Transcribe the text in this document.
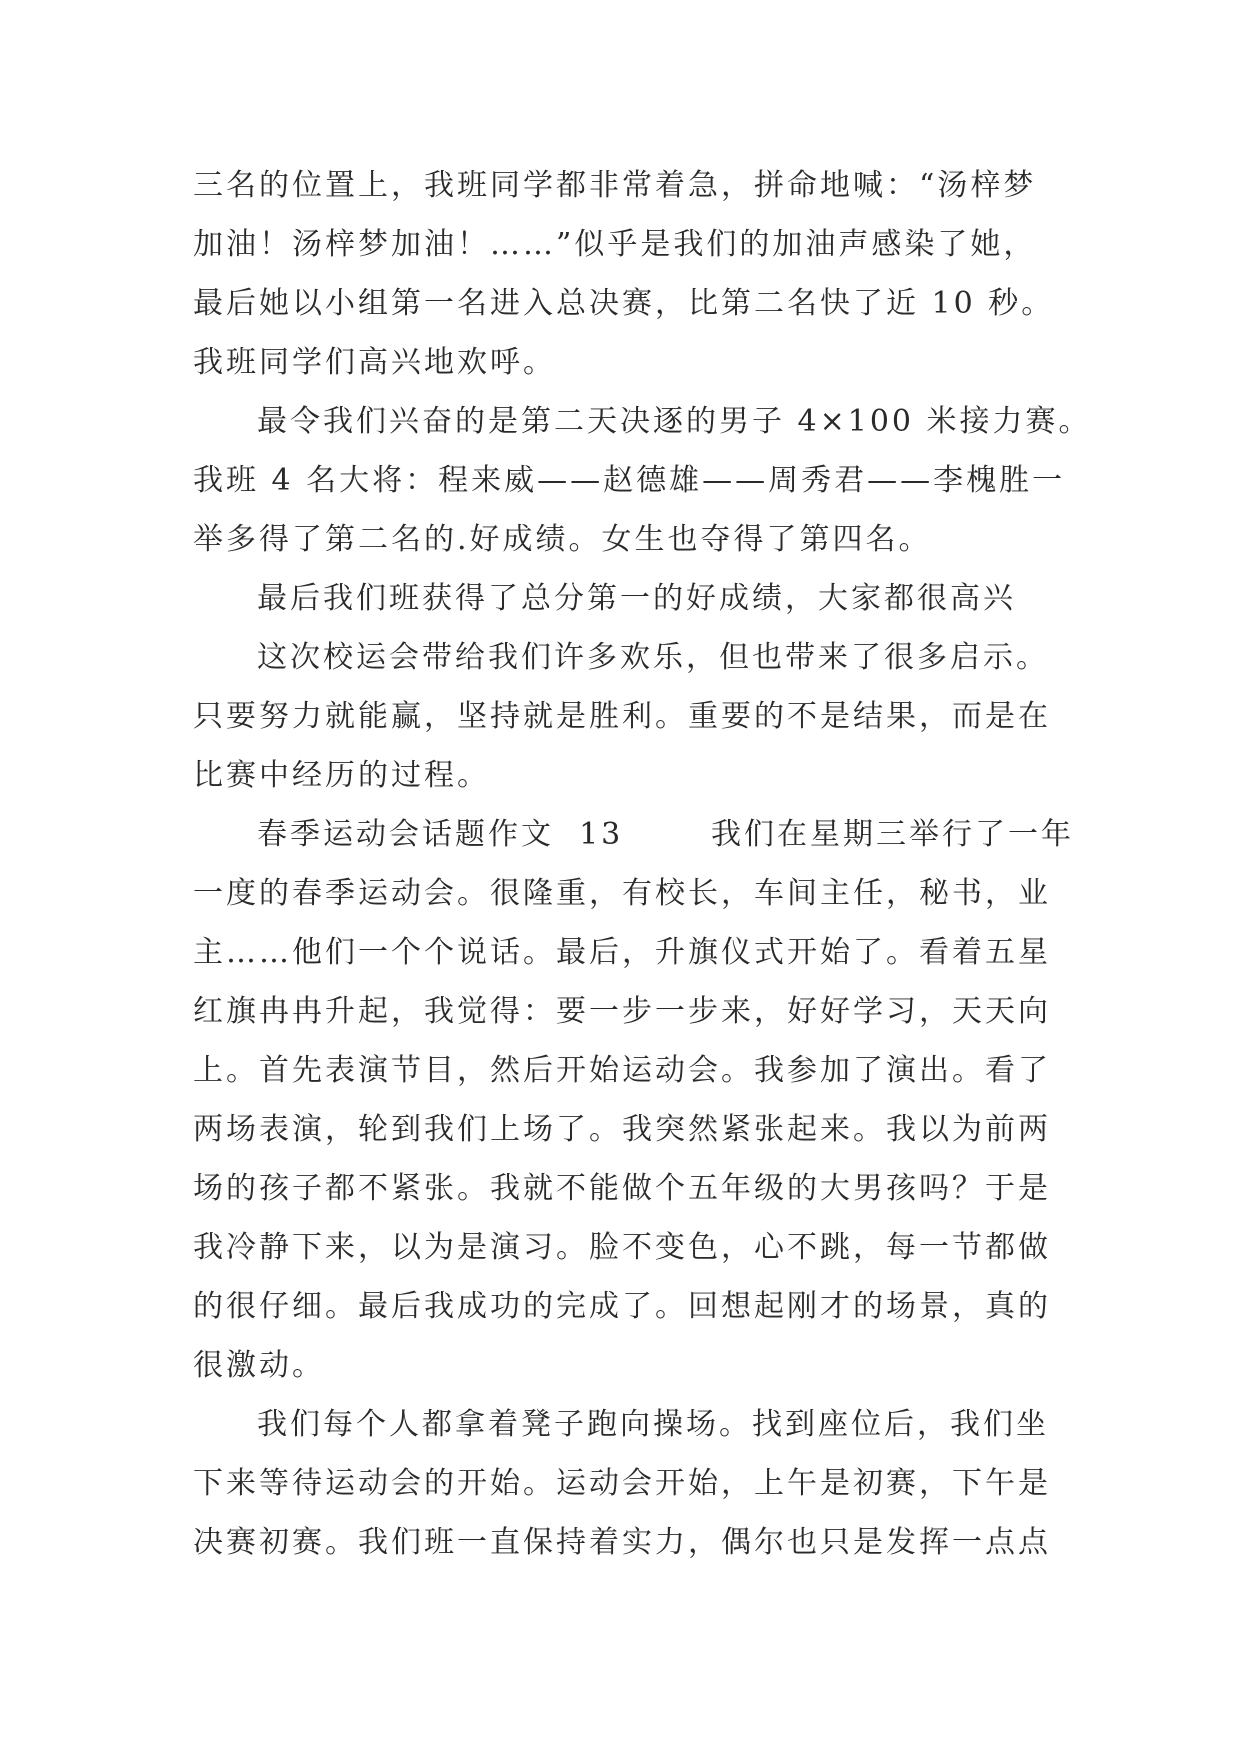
三名的位置上，我班同学都非常着急，拼命地喊：“汤梓梦
加油！汤梓梦加油！……”似乎是我们的加油声感染了她，
最后她以小组第一名进入总决赛，比第二名快了近 10 秒。
我班同学们高兴地欢呼。
最令我们兴奋的是第二天决逐的男子 4×100 米接力赛。
我班 4 名大将：程来威——赵德雄——周秀君——李槐胜一
举多得了第二名的.好成绩。女生也夺得了第四名。
最后我们班获得了总分第一的好成绩，大家都很高兴
这次校运会带给我们许多欢乐，但也带来了很多启示。
只要努力就能赢，坚持就是胜利。重要的不是结果，而是在
比赛中经历的过程。
春季运动会话题作文  13       我们在星期三举行了一年
一度的春季运动会。很隆重，有校长，车间主任，秘书，业
主……他们一个个说话。最后，升旗仪式开始了。看着五星
红旗冉冉升起，我觉得：要一步一步来，好好学习，天天向
上。首先表演节目，然后开始运动会。我参加了演出。看了
两场表演，轮到我们上场了。我突然紧张起来。我以为前两
场的孩子都不紧张。我就不能做个五年级的大男孩吗？于是
我冷静下来，以为是演习。脸不变色，心不跳，每一节都做
的很仔细。最后我成功的完成了。回想起刚才的场景，真的
很激动。
我们每个人都拿着凳子跑向操场。找到座位后，我们坐
下来等待运动会的开始。运动会开始，上午是初赛，下午是
决赛初赛。我们班一直保持着实力，偶尔也只是发挥一点点
